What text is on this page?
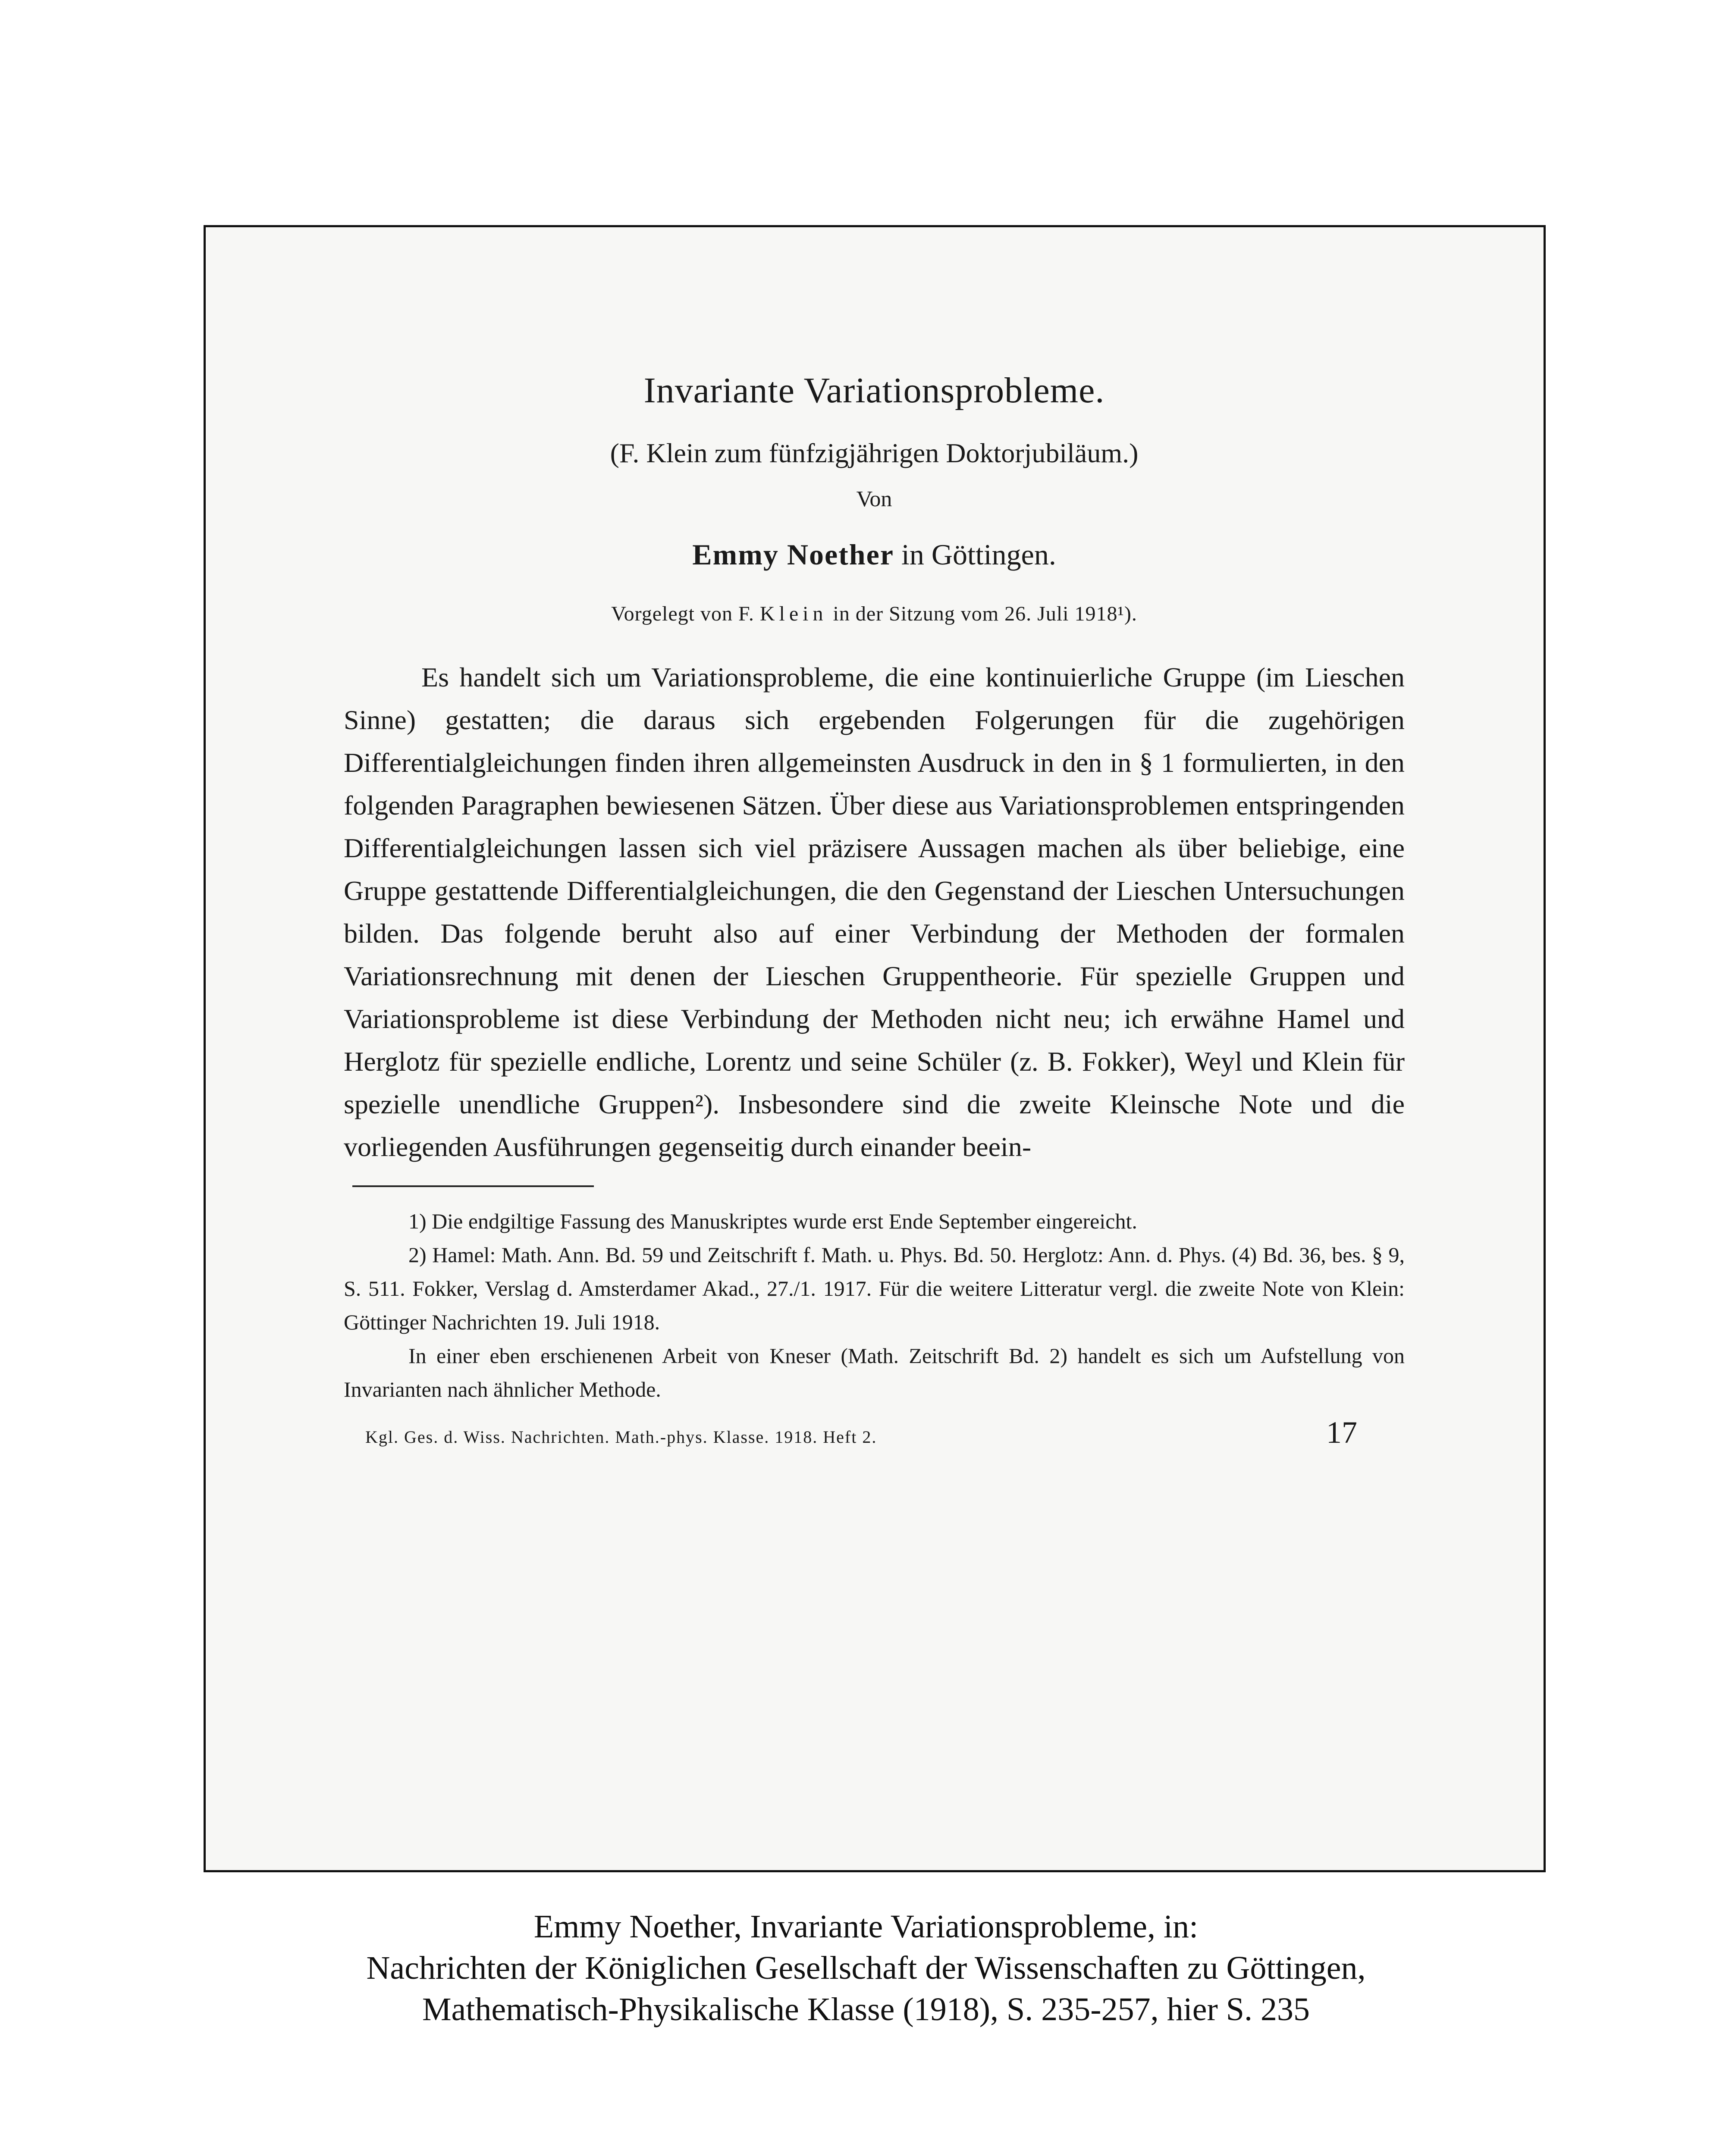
Invariante Variationsprobleme.
(F. Klein zum fünfzigjährigen Doktorjubiläum.)
Von
Emmy Noether in Göttingen.
Vorgelegt von F. Klein in der Sitzung vom 26. Juli 1918¹).

Es handelt sich um Variationsprobleme, die eine kontinuierliche Gruppe (im Lieschen Sinne) gestatten; die daraus sich ergebenden Folgerungen für die zugehörigen Differentialgleichungen finden ihren allgemeinsten Ausdruck in den in § 1 formulierten, in den folgenden Paragraphen bewiesenen Sätzen. Über diese aus Variationsproblemen entspringenden Differentialgleichungen lassen sich viel präzisere Aussagen machen als über beliebige, eine Gruppe gestattende Differentialgleichungen, die den Gegenstand der Lieschen Untersuchungen bilden. Das folgende beruht also auf einer Verbindung der Methoden der formalen Variationsrechnung mit denen der Lieschen Gruppentheorie. Für spezielle Gruppen und Variationsprobleme ist diese Verbindung der Methoden nicht neu; ich erwähne Hamel und Herglotz für spezielle endliche, Lorentz und seine Schüler (z. B. Fokker), Weyl und Klein für spezielle unendliche Gruppen²). Insbesondere sind die zweite Kleinsche Note und die vorliegenden Ausführungen gegenseitig durch einander beein-

1) Die endgiltige Fassung des Manuskriptes wurde erst Ende September eingereicht.

2) Hamel: Math. Ann. Bd. 59 und Zeitschrift f. Math. u. Phys. Bd. 50. Herglotz: Ann. d. Phys. (4) Bd. 36, bes. § 9, S. 511. Fokker, Verslag d. Amsterdamer Akad., 27./1. 1917. Für die weitere Litteratur vergl. die zweite Note von Klein: Göttinger Nachrichten 19. Juli 1918.

In einer eben erschienenen Arbeit von Kneser (Math. Zeitschrift Bd. 2) handelt es sich um Aufstellung von Invarianten nach ähnlicher Methode.

Kgl. Ges. d. Wiss. Nachrichten. Math.-phys. Klasse. 1918. Heft 2.	17
Emmy Noether, Invariante Variationsprobleme, in:
Nachrichten der Königlichen Gesellschaft der Wissenschaften zu Göttingen,
Mathematisch-Physikalische Klasse (1918), S. 235-257, hier S. 235
